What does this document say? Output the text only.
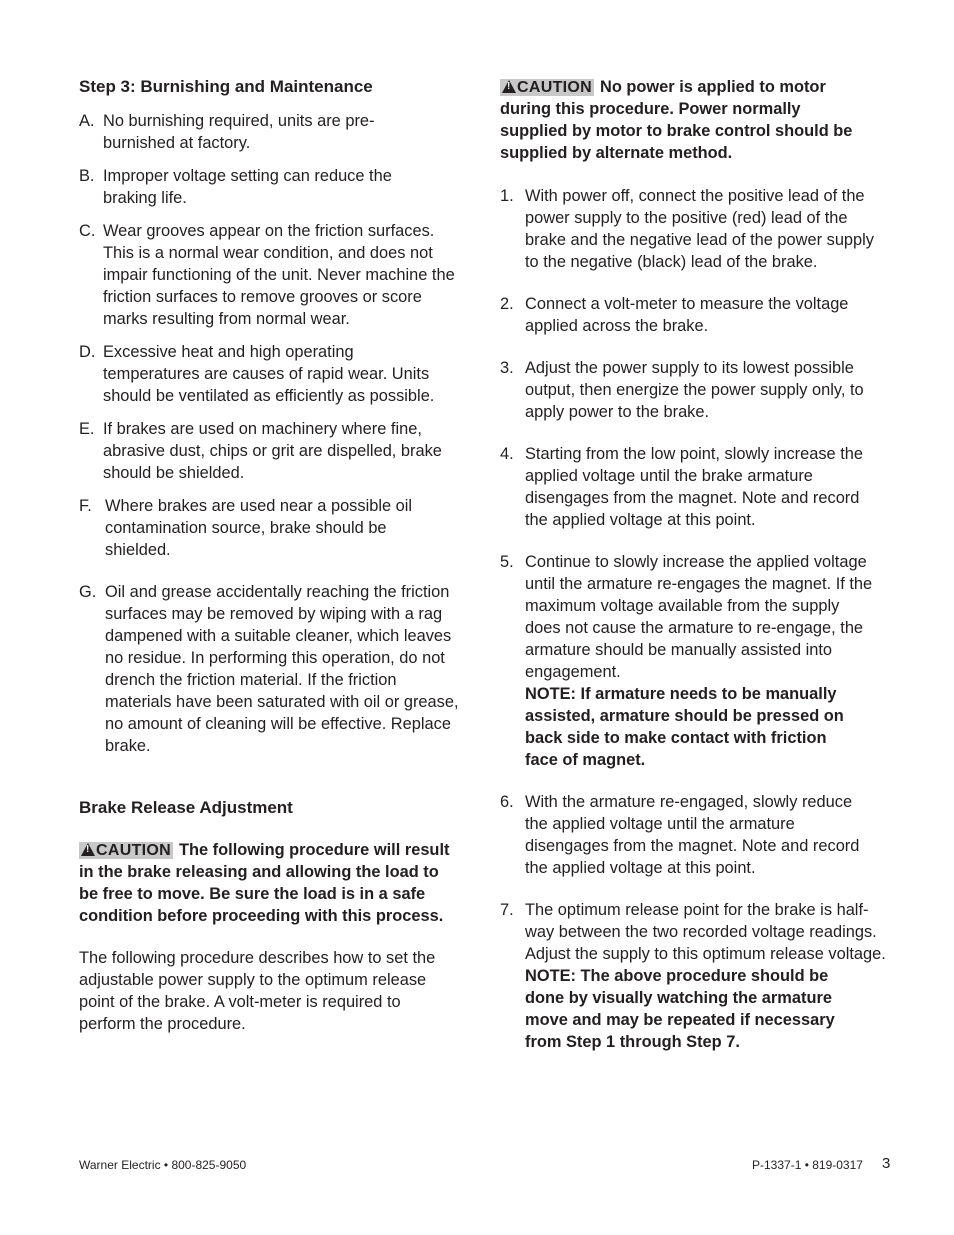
Step 3: Burnishing and Maintenance
A. No burnishing required, units are pre-burnished at factory.
B. Improper voltage setting can reduce the braking life.
C. Wear grooves appear on the friction surfaces. This is a normal wear condition, and does not impair functioning of the unit. Never machine the friction surfaces to remove grooves or score marks resulting from normal wear.
D. Excessive heat and high operating temperatures are causes of rapid wear. Units should be ventilated as efficiently as possible.
E. If brakes are used on machinery where fine, abrasive dust, chips or grit are dispelled, brake should be shielded.
F. Where brakes are used near a possible oil contamination source, brake should be shielded.
G. Oil and grease accidentally reaching the friction surfaces may be removed by wiping with a rag dampened with a suitable cleaner, which leaves no residue. In performing this operation, do not drench the friction material. If the friction materials have been saturated with oil or grease, no amount of cleaning will be effective. Replace brake.
Brake Release Adjustment
!CAUTION The following procedure will result in the brake releasing and allowing the load to be free to move. Be sure the load is in a safe condition before proceeding with this process.
The following procedure describes how to set the adjustable power supply to the optimum release point of the brake. A volt-meter is required to perform the procedure.
!CAUTION No power is applied to motor during this procedure. Power normally supplied by motor to brake control should be supplied by alternate method.
1. With power off, connect the positive lead of the power supply to the positive (red) lead of the brake and the negative lead of the power supply to the negative (black) lead of the brake.
2. Connect a volt-meter to measure the voltage applied across the brake.
3. Adjust the power supply to its lowest possible output, then energize the power supply only, to apply power to the brake.
4. Starting from the low point, slowly increase the applied voltage until the brake armature disengages from the magnet. Note and record the applied voltage at this point.
5. Continue to slowly increase the applied voltage until the armature re-engages the magnet. If the maximum voltage available from the supply does not cause the armature to re-engage, the armature should be manually assisted into engagement.
NOTE: If armature needs to be manually assisted, armature should be pressed on back side to make contact with friction face of magnet.
6. With the armature re-engaged, slowly reduce the applied voltage until the armature disengages from the magnet. Note and record the applied voltage at this point.
7. The optimum release point for the brake is half-way between the two recorded voltage readings. Adjust the supply to this optimum release voltage.
NOTE: The above procedure should be done by visually watching the armature move and may be repeated if necessary from Step 1 through Step 7.
Warner Electric • 800-825-9050	P-1337-1 • 819-0317 3
